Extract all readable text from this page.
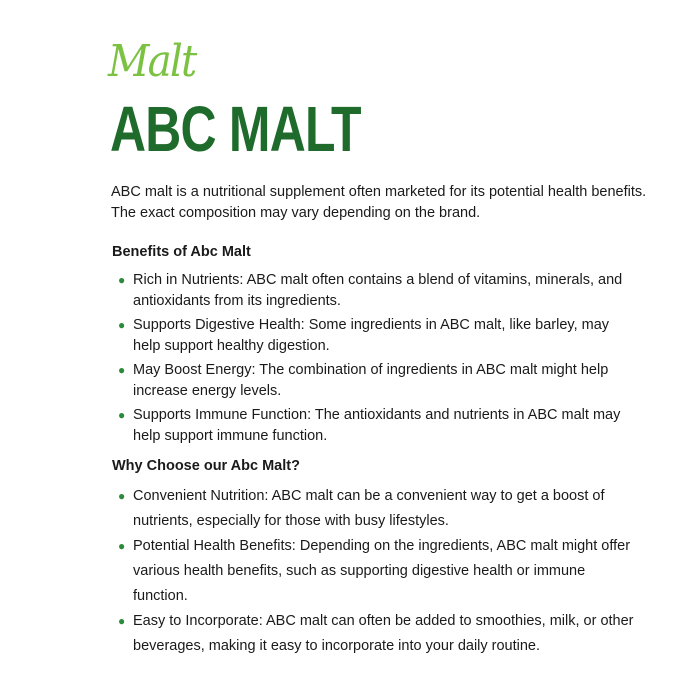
Malt
ABC MALT

ABC malt is a nutritional supplement often marketed for its potential health benefits. The exact composition may vary depending on the brand.

Benefits of Abc Malt
● Rich in Nutrients: ABC malt often contains a blend of vitamins, minerals, and antioxidants from its ingredients.
● Supports Digestive Health: Some ingredients in ABC malt, like barley, may help support healthy digestion.
● May Boost Energy: The combination of ingredients in ABC malt might help increase energy levels.
● Supports Immune Function: The antioxidants and nutrients in ABC malt may help support immune function.
Why Choose our Abc Malt?
● Convenient Nutrition: ABC malt can be a convenient way to get a boost of nutrients, especially for those with busy lifestyles.
● Potential Health Benefits: Depending on the ingredients, ABC malt might offer various health benefits, such as supporting digestive health or immune function.
● Easy to Incorporate: ABC malt can often be added to smoothies, milk, or other beverages, making it easy to incorporate into your daily routine.
